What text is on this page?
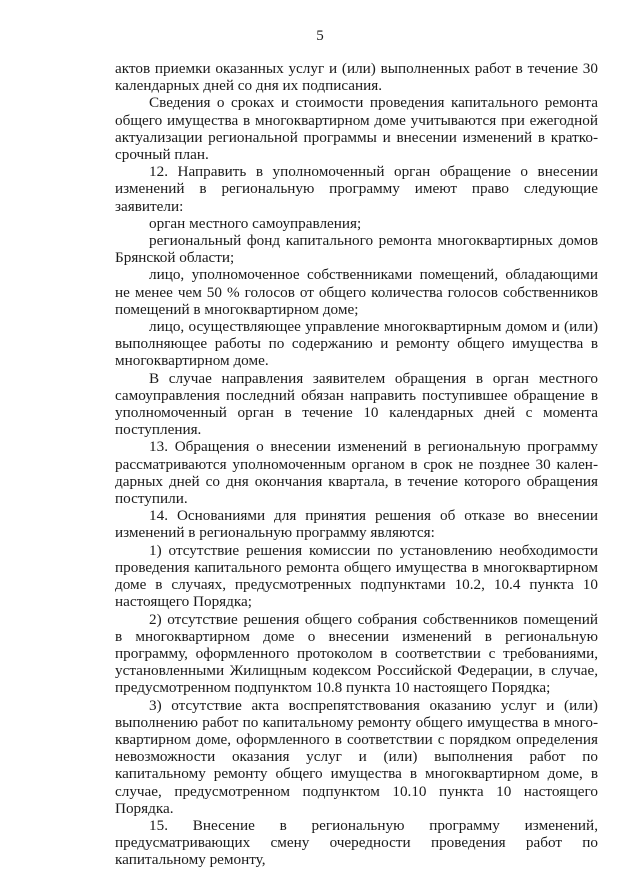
5

актов приемки оказанных услуг и (или) выполненных работ в течение 30 календарных дней со дня их подписания.

Сведения о сроках и стоимости проведения капитального ремонта общего имущества в многоквартирном доме учитываются при ежегодной актуализации региональной программы и внесении изменений в краткосрочный план.

12. Направить в уполномоченный орган обращение о внесении изменений в региональную программу имеют право следующие заявители:

орган местного самоуправления;

региональный фонд капитального ремонта многоквартирных домов Брянской области;

лицо, уполномоченное собственниками помещений, обладающими не менее чем 50 % голосов от общего количества голосов собственников помещений в многоквартирном доме;

лицо, осуществляющее управление многоквартирным домом и (или) выполняющее работы по содержанию и ремонту общего имущества в многоквартирном доме.

В случае направления заявителем обращения в орган местного самоуправления последний обязан направить поступившее обращение в уполномоченный орган в течение 10 календарных дней с момента поступления.

13. Обращения о внесении изменений в региональную программу рассматриваются уполномоченным органом в срок не позднее 30 календарных дней со дня окончания квартала, в течение которого обращения поступили.

14. Основаниями для принятия решения об отказе во внесении изменений в региональную программу являются:

1) отсутствие решения комиссии по установлению необходимости проведения капитального ремонта общего имущества в многоквартирном доме в случаях, предусмотренных подпунктами 10.2, 10.4 пункта 10 настоящего Порядка;

2) отсутствие решения общего собрания собственников помещений в многоквартирном доме о внесении изменений в региональную программу, оформленного протоколом в соответствии с требованиями, установленными Жилищным кодексом Российской Федерации, в случае, предусмотренном подпунктом 10.8 пункта 10 настоящего Порядка;

3) отсутствие акта воспрепятствования оказанию услуг и (или) выполнению работ по капитальному ремонту общего имущества в многоквартирном доме, оформленного в соответствии с порядком определения невозможности оказания услуг и (или) выполнения работ по капитальному ремонту общего имущества в многоквартирном доме, в случае, предусмотренном подпунктом 10.10 пункта 10 настоящего Порядка.

15. Внесение в региональную программу изменений, предусматривающих смену очередности проведения работ по капитальному ремонту,
